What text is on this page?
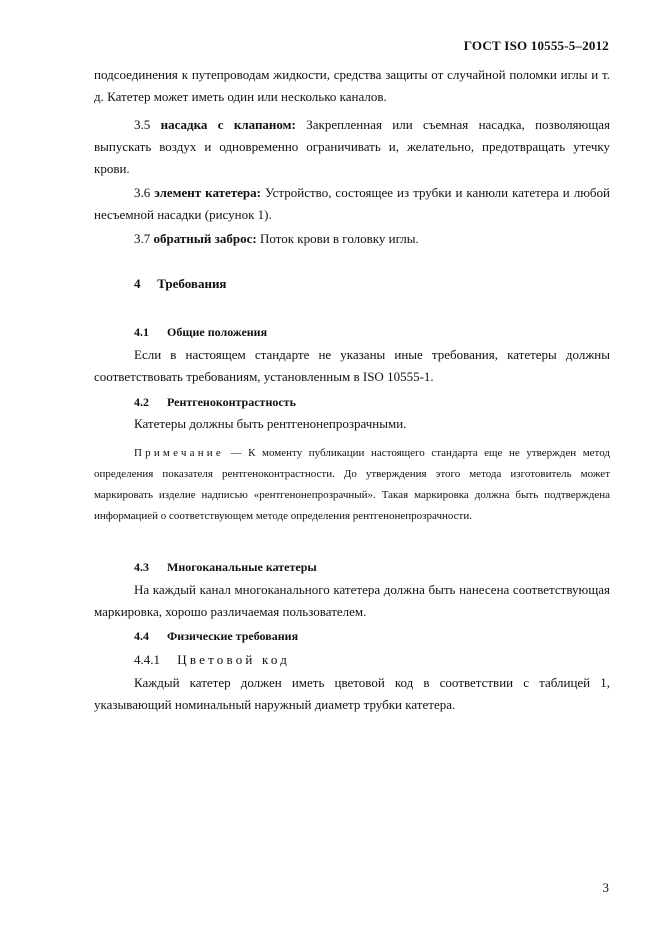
ГОСТ ISO 10555-5–2012
подсоединения к путепроводам жидкости, средства защиты от случайной поломки иглы и т. д. Катетер может иметь один или несколько каналов.
3.5 насадка с клапаном: Закрепленная или съемная насадка, позволяющая выпускать воздух и одновременно ограничивать и, желательно, предотвращать утечку крови.
3.6 элемент катетера: Устройство, состоящее из трубки и канюли катетера и любой несъемной насадки (рисунок 1).
3.7 обратный заброс: Поток крови в головку иглы.
4 Требования
4.1 Общие положения
Если в настоящем стандарте не указаны иные требования, катетеры должны соответствовать требованиям, установленным в ISO 10555-1.
4.2 Рентгеноконтрастность
Катетеры должны быть рентгенонепрозрачными.
Примечание — К моменту публикации настоящего стандарта еще не утвержден метод определения показателя рентгеноконтрастности. До утверждения этого метода изготовитель может маркировать изделие надписью «рентгенонепрозрачный». Такая маркировка должна быть подтверждена информацией о соответствующем методе определения рентгенонепрозрачности.
4.3 Многоканальные катетеры
На каждый канал многоканального катетера должна быть нанесена соответствующая маркировка, хорошо различаемая пользователем.
4.4 Физические требования
4.4.1 Цветовой код
Каждый катетер должен иметь цветовой код в соответствии с таблицей 1, указывающий номинальный наружный диаметр трубки катетера.
3
